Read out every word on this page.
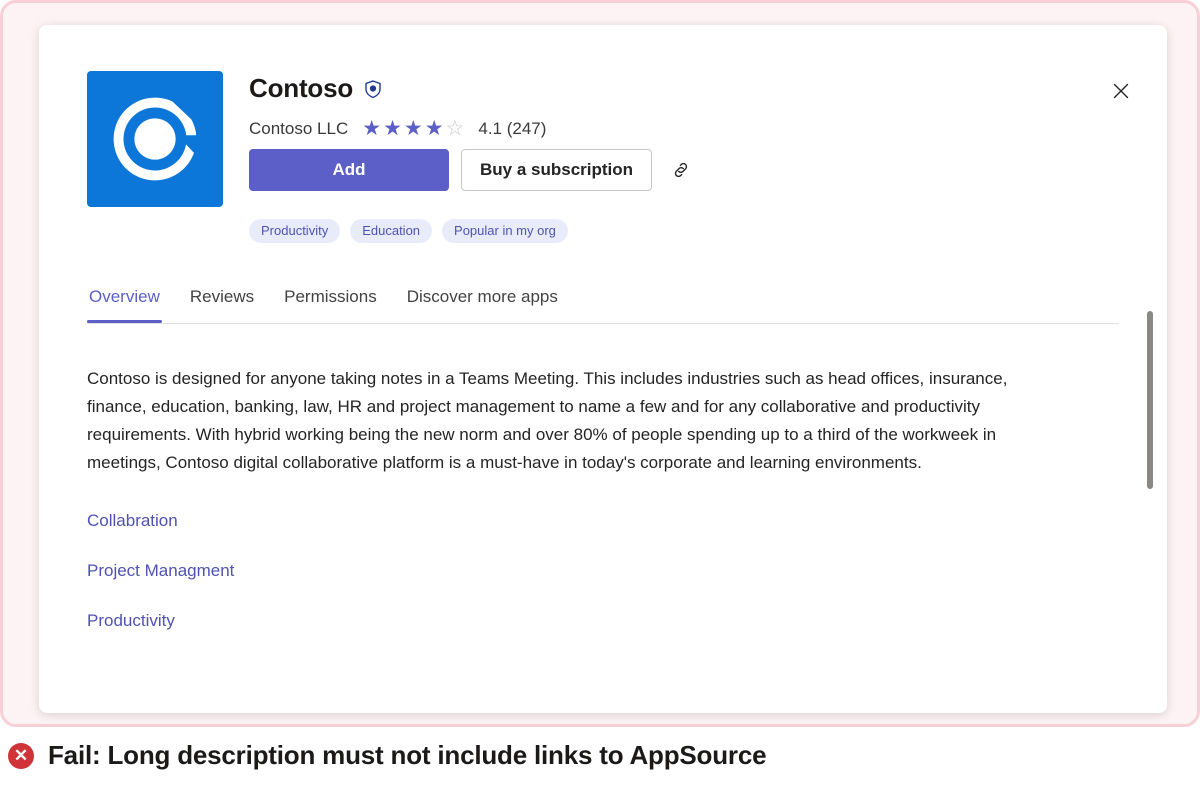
Contoso
Contoso LLC ★ ★ ★ ★ ☆ 4.1 (247)
Add	Buy a subscription
Productivity	Education	Popular in my org
Overview Reviews Permissions Discover more apps

Contoso is designed for anyone taking notes in a Teams Meeting. This includes industries such as head offices, insurance, finance, education, banking, law, HR and project management to name a few and for any collaborative and productivity requirements. With hybrid working being the new norm and over 80% of people spending up to a third of the workweek in meetings, Contoso digital collaborative platform is a must-have in today's corporate and learning environments.

Collabration
Project Managment
Productivity
✕ Fail: Long description must not include links to AppSource
